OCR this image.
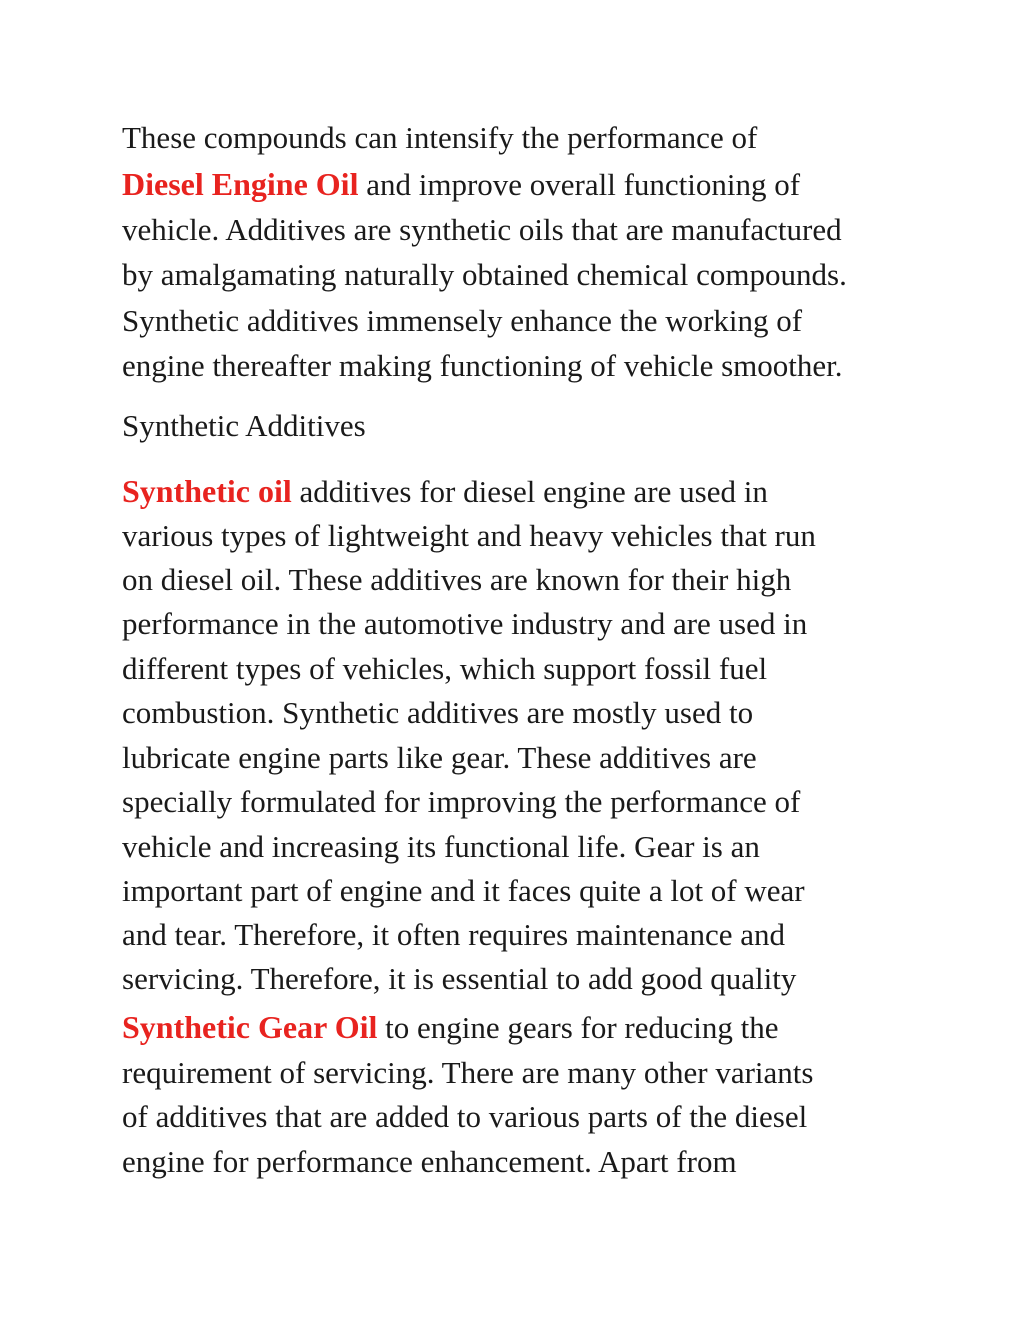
These compounds can intensify the performance of
Diesel Engine Oil and improve overall functioning of
vehicle. Additives are synthetic oils that are manufactured
by amalgamating naturally obtained chemical compounds.
Synthetic additives immensely enhance the working of
engine thereafter making functioning of vehicle smoother.
Synthetic Additives
Synthetic oil additives for diesel engine are used in
various types of lightweight and heavy vehicles that run
on diesel oil. These additives are known for their high
performance in the automotive industry and are used in
different types of vehicles, which support fossil fuel
combustion. Synthetic additives are mostly used to
lubricate engine parts like gear. These additives are
specially formulated for improving the performance of
vehicle and increasing its functional life. Gear is an
important part of engine and it faces quite a lot of wear
and tear. Therefore, it often requires maintenance and
servicing. Therefore, it is essential to add good quality
Synthetic Gear Oil to engine gears for reducing the
requirement of servicing. There are many other variants
of additives that are added to various parts of the diesel
engine for performance enhancement. Apart from
